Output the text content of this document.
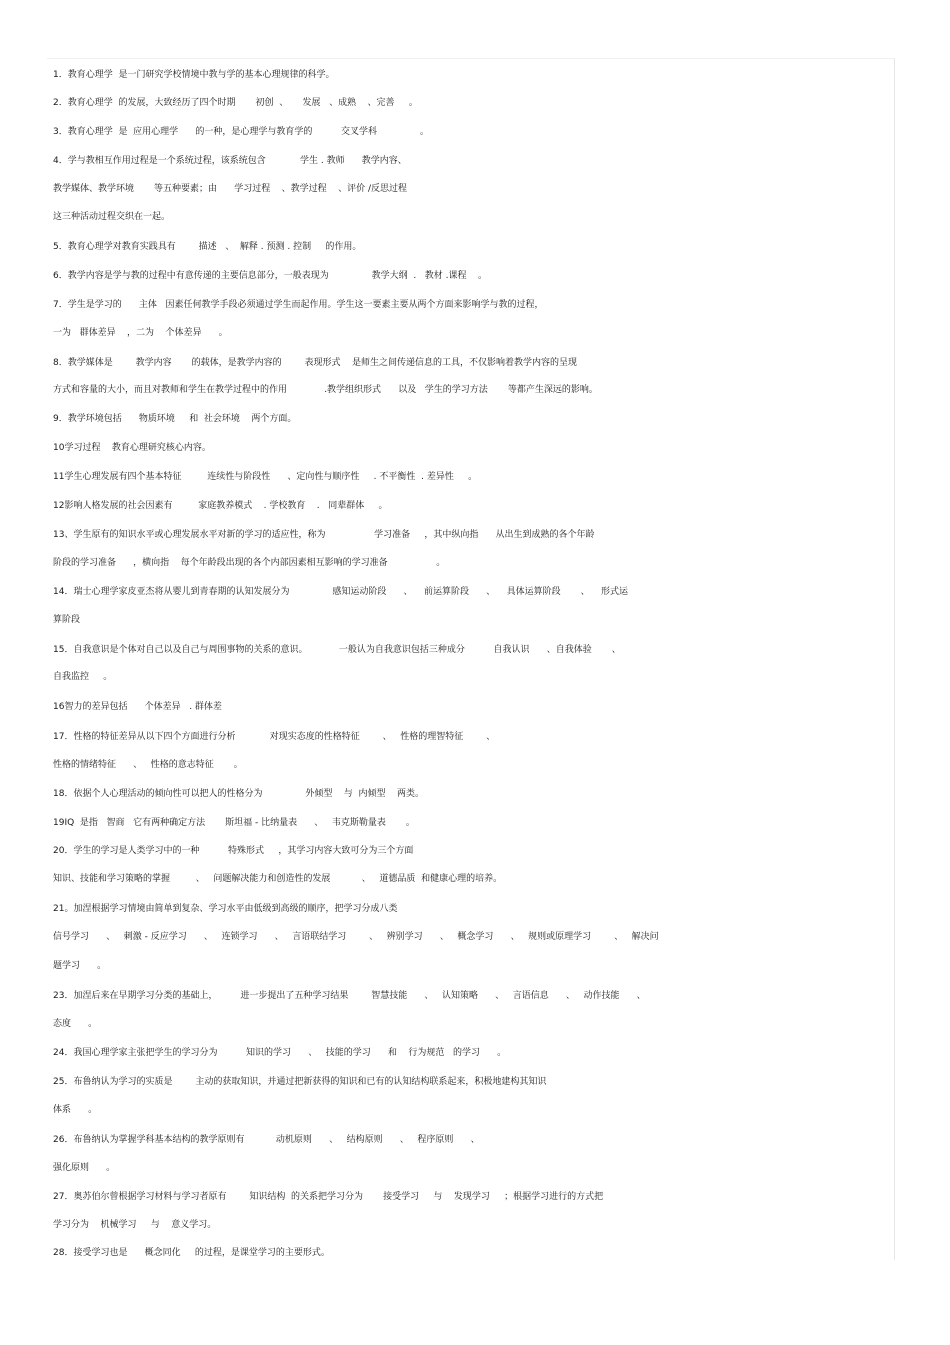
1．教育心理学  是一门研究学校情境中教与学的基本心理规律的科学。
2．教育心理学  的发展，大致经历了四个时期       初创  、     发展   、成熟    、完善     。
3．教育心理学  是  应用心理学      的一种，是心理学与教育学的          交叉学科               。
4．学与教相互作用过程是一个系统过程，该系统包含            学生 . 教师      教学内容、
教学媒体、教学环境       等五种要素；由      学习过程    、教学过程    、评价 /反思过程
这三种活动过程交织在一起。
5．教育心理学对教育实践具有        描述   、  解释 . 预测 . 控制     的作用。
6．教学内容是学与教的过程中有意传递的主要信息部分，一般表现为               教学大纲  .   教材 .课程    。
7．学生是学习的      主体   因素任何教学手段必须通过学生而起作用。学生这一要素主要从两个方面来影响学与教的过程，
一为   群体差异    ，二为    个体差异      。
8．教学媒体是        教学内容       的载体，是教学内容的        表现形式    是师生之间传递信息的工具，不仅影响着教学内容的呈现
方式和容量的大小，而且对教师和学生在教学过程中的作用             .教学组织形式      以及   学生的学习方法       等都产生深远的影响。
9．教学环境包括      物质环境     和  社会环境    两个方面。
10学习过程    教育心理研究核心内容。
11学生心理发展有四个基本特征         连续性与阶段性      、定向性与顺序性     . 不平衡性  . 差异性     。
12影响人格发展的社会因素有         家庭教养模式    . 学校教育    .   同辈群体     。
13、学生原有的知识水平或心理发展水平对新的学习的适应性，称为                 学习准备     ，其中纵向指      从出生到成熟的各个年龄
阶段的学习准备      ，横向指    每个年龄段出现的各个内部因素相互影响的学习准备                 。
14．瑞士心理学家皮亚杰将从婴儿到青春期的认知发展分为               感知运动阶段      、    前运算阶段      、    具体运算阶段       、    形式运
算阶段
15．自我意识是个体对自己以及自己与周围事物的关系的意识。           一般认为自我意识包括三种成分          自我认识      、自我体验       、
自我监控     。
16智力的差异包括      个体差异   . 群体差
17．性格的特征差异从以下四个方面进行分析            对现实态度的性格特征        、   性格的理智特征        、
性格的情绪特征      、   性格的意志特征       。
18．依据个人心理活动的倾向性可以把人的性格分为               外倾型    与  内倾型    两类。
19IQ  是指   智商   它有两种确定方法       斯坦福 - 比纳量表      、   韦克斯勒量表       。
20．学生的学习是人类学习中的一种          特殊形式     ，其学习内容大致可分为三个方面
知识、技能和学习策略的掌握         、   问题解决能力和创造性的发展           、   道德品质  和健康心理的培养。
21。加涅根据学习情境由简单到复杂、学习水平由低级到高级的顺序，把学习分成八类
信号学习      、   刺激 - 反应学习      、   连锁学习      、   言语联结学习        、   辨别学习      、   概念学习      、   规则或原理学习        、   解决问
题学习      。
23．加涅后来在早期学习分类的基础上，        进一步提出了五种学习结果        智慧技能      、   认知策略      、   言语信息      、   动作技能      、
态度      。
24．我国心理学家主张把学生的学习分为          知识的学习      、   技能的学习      和    行为规范   的学习      。
25．布鲁纳认为学习的实质是        主动的获取知识，并通过把新获得的知识和已有的认知结构联系起来，积极地建构其知识
体系      。
26．布鲁纳认为掌握学科基本结构的教学原则有           动机原则      、   结构原则      、   程序原则      、
强化原则      。
27．奥苏伯尔曾根据学习材料与学习者原有        知识结构  的关系把学习分为       接受学习     与    发现学习     ；根据学习进行的方式把
学习分为    机械学习     与    意义学习。
28．接受学习也是      概念同化     的过程，是课堂学习的主要形式。
